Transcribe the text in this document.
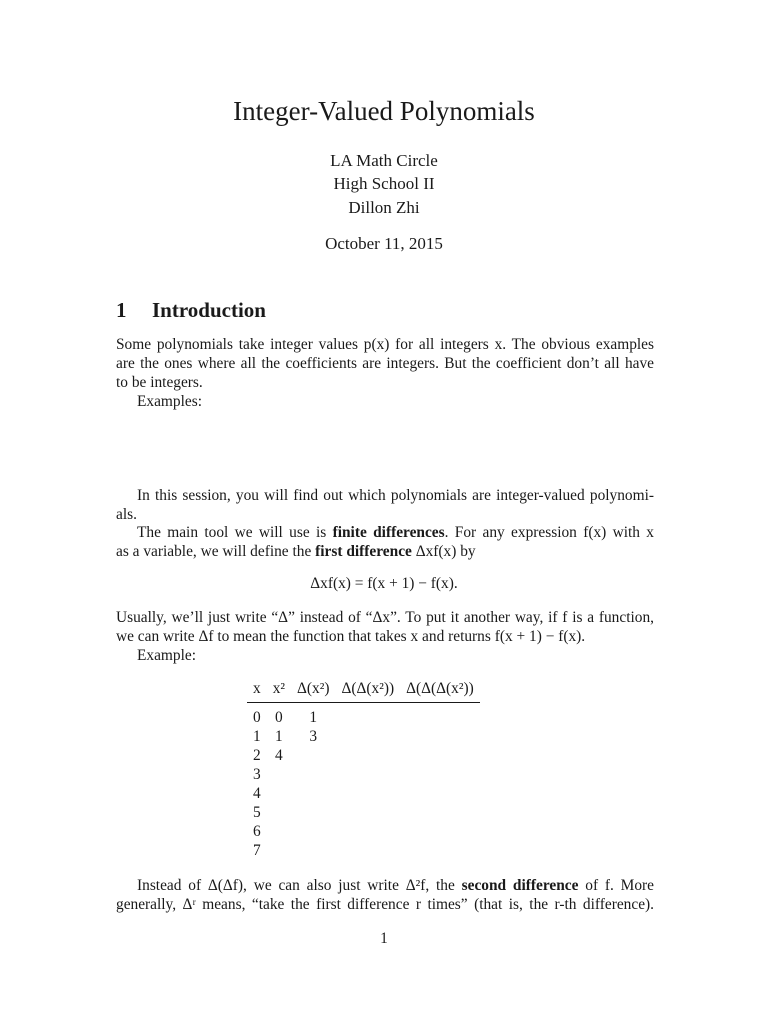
Integer-Valued Polynomials
LA Math Circle
High School II
Dillon Zhi
October 11, 2015
1 Introduction
Some polynomials take integer values p(x) for all integers x. The obvious examples
are the ones where all the coefficients are integers. But the coefficient don’t all have
to be integers.
Examples:
In this session, you will find out which polynomials are integer-valued polynomi-
als.
The main tool we will use is finite differences. For any expression f(x) with x
as a variable, we will define the first difference Δxf(x) by
Δxf(x) = f(x + 1) − f(x).
Usually, we’ll just write “Δ” instead of “Δx”. To put it another way, if f is a function,
we can write Δf to mean the function that takes x and returns f(x + 1) − f(x).
Example:
x	x²	Δ(x²)	Δ(Δ(x²))	Δ(Δ(Δ(x²))
0	0	1		
1	1	3		
2	4			
3				
4				
5				
6				
7				
Instead of Δ(Δf), we can also just write Δ²f, the second difference of f. More
generally, Δʳ means, “take the first difference r times” (that is, the r-th difference).
1
